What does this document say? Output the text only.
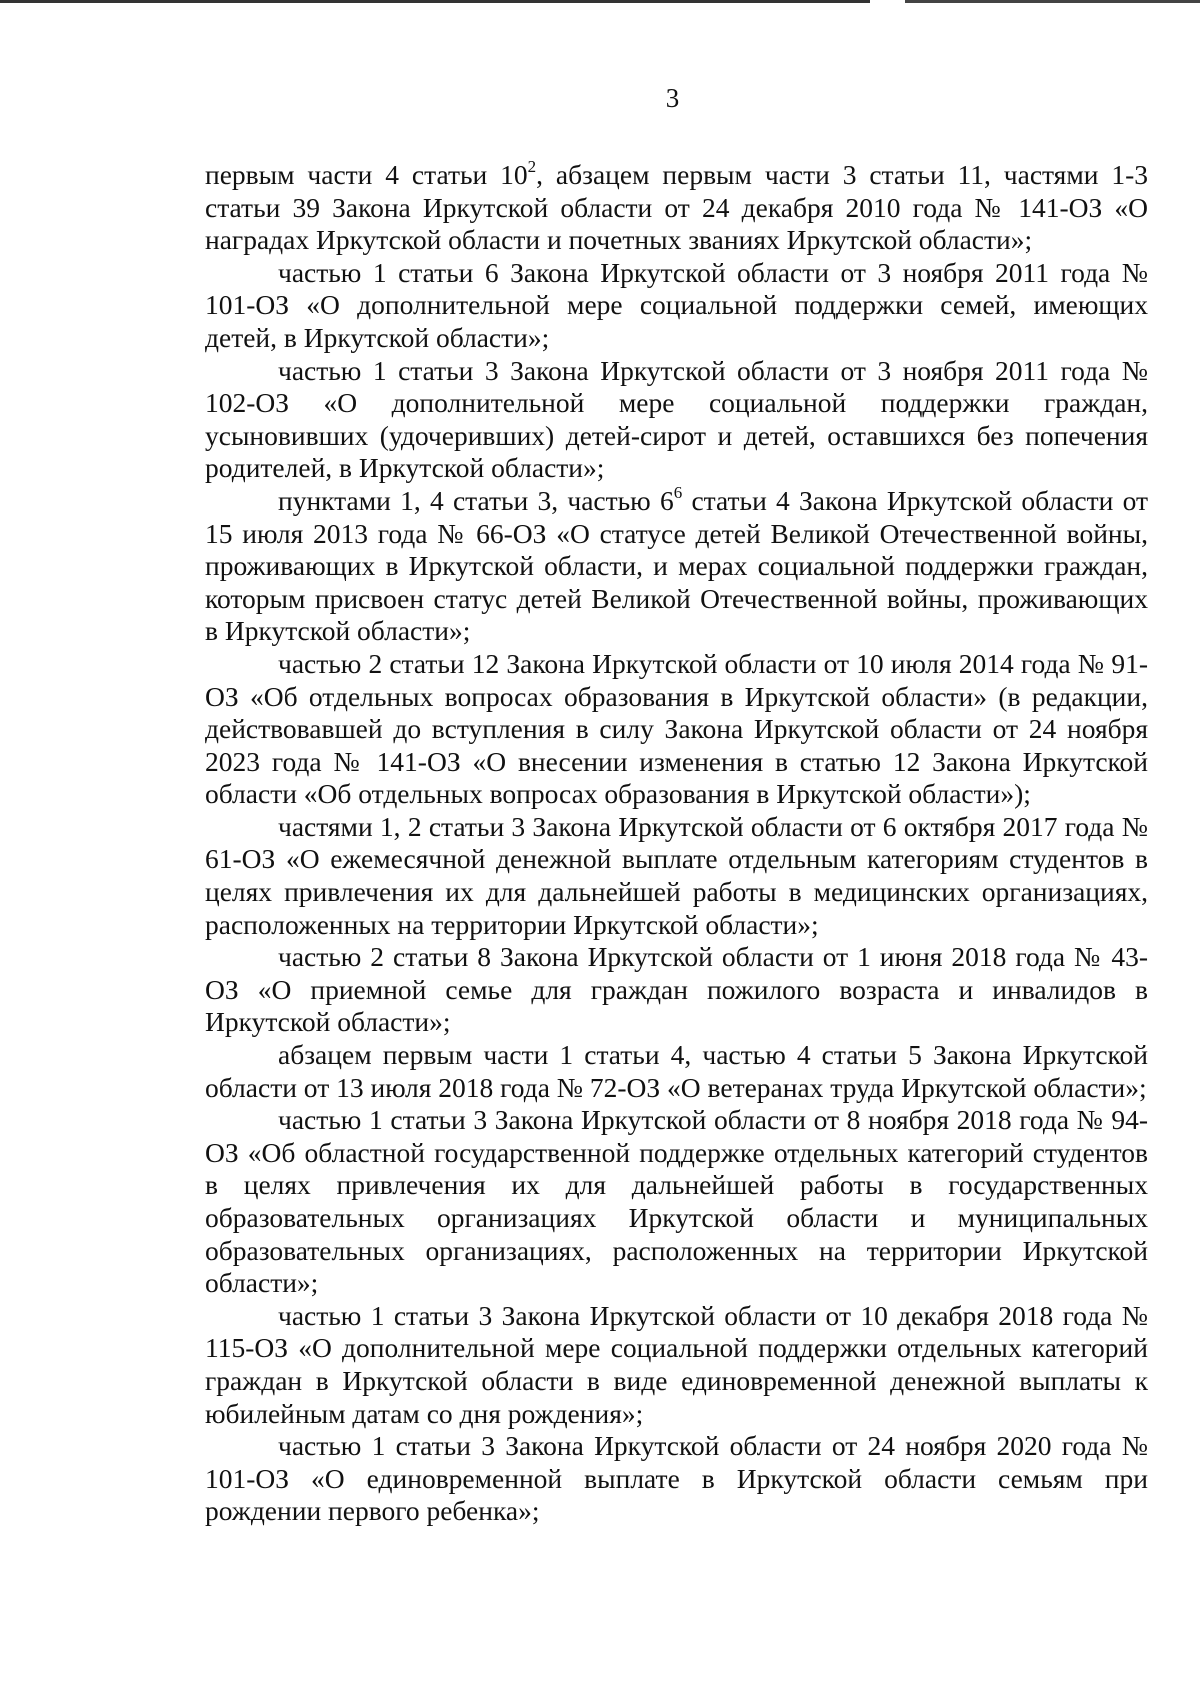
3

первым части 4 статьи $10^2$, абзацем первым части 3 статьи 11, частями 1-3 статьи 39 Закона Иркутской области от 24 декабря 2010 года № 141-ОЗ «О наградах Иркутской области и почетных званиях Иркутской области»;

частью 1 статьи 6 Закона Иркутской области от 3 ноября 2011 года № 101-ОЗ «О дополнительной мере социальной поддержки семей, имеющих детей, в Иркутской области»;

частью 1 статьи 3 Закона Иркутской области от 3 ноября 2011 года № 102-ОЗ «О дополнительной мере социальной поддержки граждан, усыновивших (удочеривших) детей-сирот и детей, оставшихся без попечения родителей, в Иркутской области»;

пунктами 1, 4 статьи 3, частью $6^6$ статьи 4 Закона Иркутской области от 15 июля 2013 года № 66-ОЗ «О статусе детей Великой Отечественной войны, проживающих в Иркутской области, и мерах социальной поддержки граждан, которым присвоен статус детей Великой Отечественной войны, проживающих в Иркутской области»;

частью 2 статьи 12 Закона Иркутской области от 10 июля 2014 года № 91-ОЗ «Об отдельных вопросах образования в Иркутской области» (в редакции, действовавшей до вступления в силу Закона Иркутской области от 24 ноября 2023 года № 141-ОЗ «О внесении изменения в статью 12 Закона Иркутской области «Об отдельных вопросах образования в Иркутской области»);

частями 1, 2 статьи 3 Закона Иркутской области от 6 октября 2017 года № 61-ОЗ «О ежемесячной денежной выплате отдельным категориям студентов в целях привлечения их для дальнейшей работы в медицинских организациях, расположенных на территории Иркутской области»;

частью 2 статьи 8 Закона Иркутской области от 1 июня 2018 года № 43-ОЗ «О приемной семье для граждан пожилого возраста и инвалидов в Иркутской области»;

абзацем первым части 1 статьи 4, частью 4 статьи 5 Закона Иркутской области от 13 июля 2018 года № 72-ОЗ «О ветеранах труда Иркутской области»;

частью 1 статьи 3 Закона Иркутской области от 8 ноября 2018 года № 94-ОЗ «Об областной государственной поддержке отдельных категорий студентов в целях привлечения их для дальнейшей работы в государственных образовательных организациях Иркутской области и муниципальных образовательных организациях, расположенных на территории Иркутской области»;

частью 1 статьи 3 Закона Иркутской области от 10 декабря 2018 года № 115-ОЗ «О дополнительной мере социальной поддержки отдельных категорий граждан в Иркутской области в виде единовременной денежной выплаты к юбилейным датам со дня рождения»;

частью 1 статьи 3 Закона Иркутской области от 24 ноября 2020 года № 101-ОЗ «О единовременной выплате в Иркутской области семьям при рождении первого ребенка»;
